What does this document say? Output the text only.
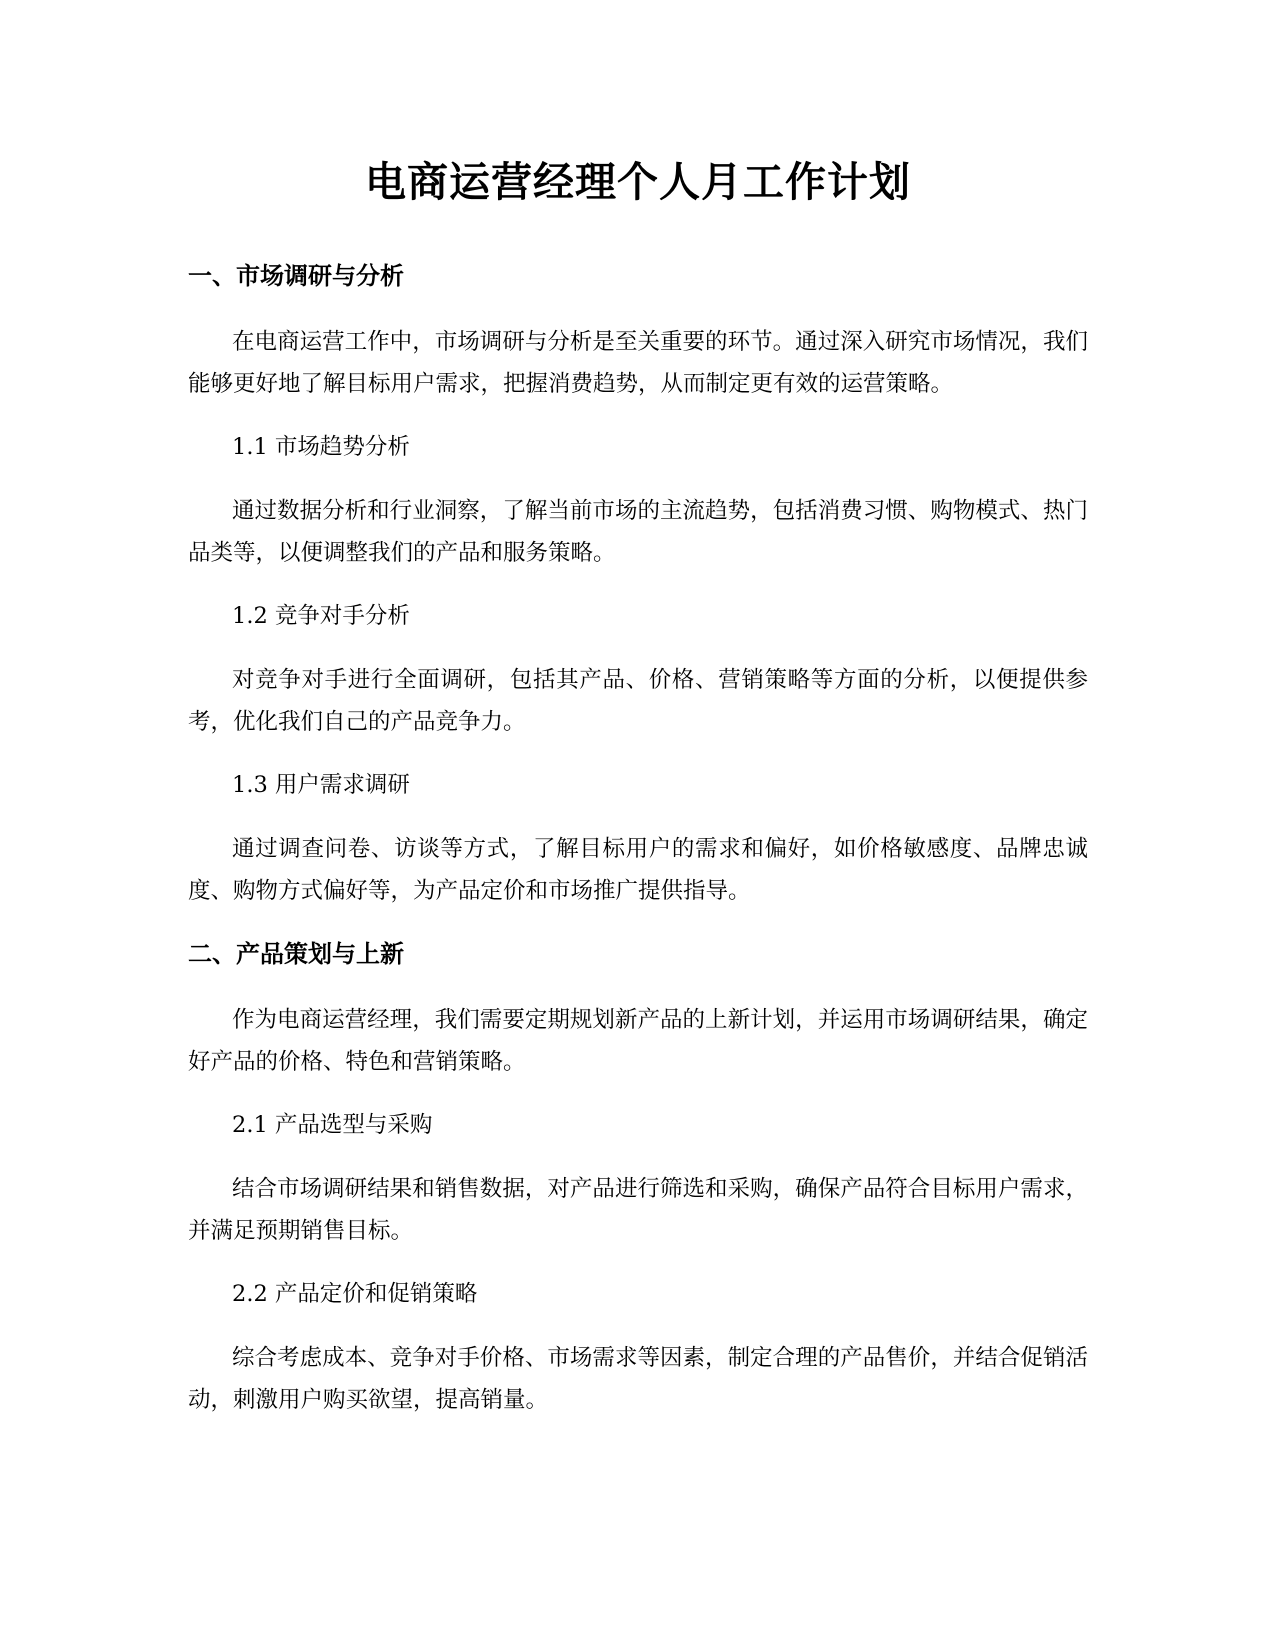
电商运营经理个人月工作计划
一、市场调研与分析

在电商运营工作中，市场调研与分析是至关重要的环节。通过深入研究市场情况，我们能够更好地了解目标用户需求，把握消费趋势，从而制定更有效的运营策略。

1.1 市场趋势分析

通过数据分析和行业洞察，了解当前市场的主流趋势，包括消费习惯、购物模式、热门品类等，以便调整我们的产品和服务策略。

1.2 竞争对手分析

对竞争对手进行全面调研，包括其产品、价格、营销策略等方面的分析，以便提供参考，优化我们自己的产品竞争力。

1.3 用户需求调研

通过调查问卷、访谈等方式，了解目标用户的需求和偏好，如价格敏感度、品牌忠诚度、购物方式偏好等，为产品定价和市场推广提供指导。

二、产品策划与上新

作为电商运营经理，我们需要定期规划新产品的上新计划，并运用市场调研结果，确定好产品的价格、特色和营销策略。

2.1 产品选型与采购

结合市场调研结果和销售数据，对产品进行筛选和采购，确保产品符合目标用户需求，并满足预期销售目标。

2.2 产品定价和促销策略

综合考虑成本、竞争对手价格、市场需求等因素，制定合理的产品售价，并结合促销活动，刺激用户购买欲望，提高销量。
